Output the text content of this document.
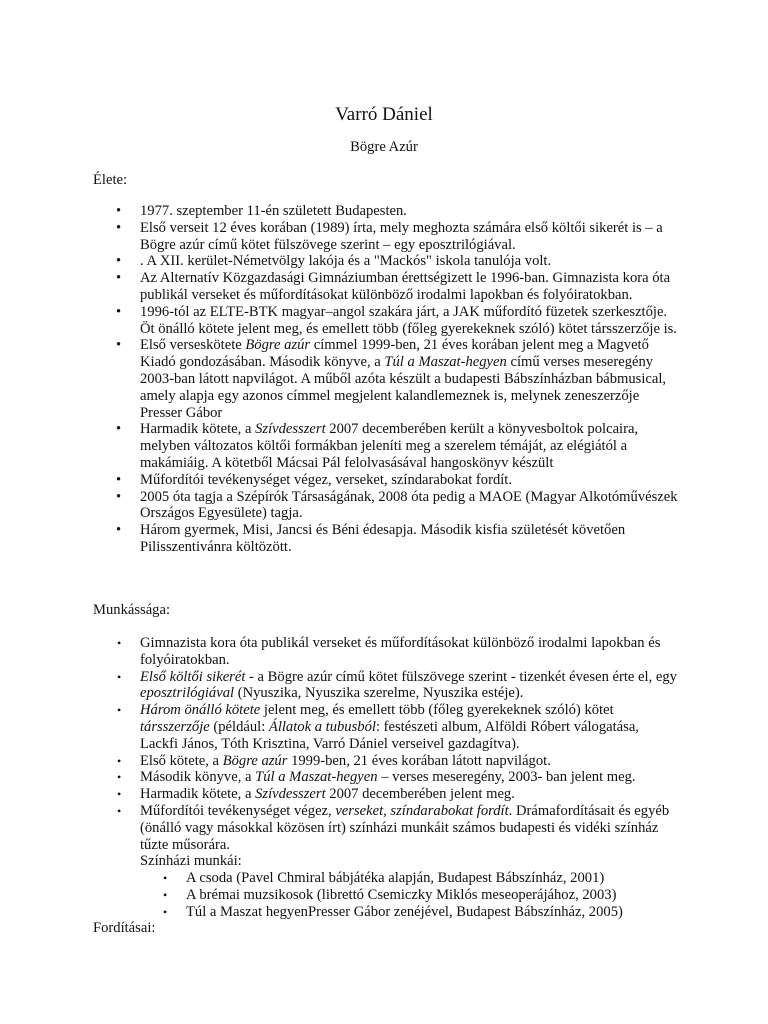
Varró Dániel
Bögre Azúr
Élete:
• 1977. szeptember 11-én született Budapesten.
• Első verseit 12 éves korában (1989) írta, mely meghozta számára első költői sikerét is – a Bögre azúr című kötet fülszövege szerint – egy eposztrilógiával.
• . A XII. kerület-Németvölgy lakója és a "Mackós" iskola tanulója volt.
• Az Alternatív Közgazdasági Gimnáziumban érettségizett le 1996-ban. Gimnazista kora óta publikál verseket és műfordításokat különböző irodalmi lapokban és folyóiratokban.
• 1996-tól az ELTE-BTK magyar–angol szakára járt, a JAK műfordító füzetek szerkesztője. Öt önálló kötete jelent meg, és emellett több (főleg gyerekeknek szóló) kötet társszerzője is.
• Első verseskötete Bögre azúr címmel 1999-ben, 21 éves korában jelent meg a Magvető Kiadó gondozásában. Második könyve, a Túl a Maszat-hegyen című verses meseregény 2003-ban látott napvilágot. A műből azóta készült a budapesti Bábszínházban bábmusical, amely alapja egy azonos címmel megjelent kalandlemeznek is, melynek zeneszerzője Presser Gábor
• Harmadik kötete, a Szívdesszert 2007 decemberében került a könyvesboltok polcaira, melyben változatos költői formákban jeleníti meg a szerelem témáját, az elégiától a makámiáig. A kötetből Mácsai Pál felolvasásával hangoskönyv készült
• Műfordítói tevékenységet végez, verseket, színdarabokat fordít.
• 2005 óta tagja a Szépírók Társaságának, 2008 óta pedig a MAOE (Magyar Alkotóművészek Országos Egyesülete) tagja.
• Három gyermek, Misi, Jancsi és Béni édesapja. Második kisfia születését követően Pilisszentivánra költözött.
Munkássága:
• Gimnazista kora óta publikál verseket és műfordításokat különböző irodalmi lapokban és folyóiratokban.
• Első költői sikerét - a Bögre azúr című kötet fülszövege szerint - tizenkét évesen érte el, egy eposztrilógiával (Nyuszika, Nyuszika szerelme, Nyuszika estéje).
• Három önálló kötete jelent meg, és emellett több (főleg gyerekeknek szóló) kötet társszerzője (például: Állatok a tubusból: festészeti album, Alföldi Róbert válogatása, Lackfi János, Tóth Krisztina, Varró Dániel verseivel gazdagítva).
• Első kötete, a Bögre azúr 1999-ben, 21 éves korában látott napvilágot.
• Második könyve, a Túl a Maszat-hegyen – verses meseregény, 2003- ban jelent meg.
• Harmadik kötete, a Szívdesszert 2007 decemberében jelent meg.
• Műfordítói tevékenységet végez, verseket, színdarabokat fordít. Drámafordításait és egyéb (önálló vagy másokkal közösen írt) színházi munkáit számos budapesti és vidéki színház tűzte műsorára.
Színházi munkái:
• A csoda (Pavel Chmiral bábjátéka alapján, Budapest Bábszínház, 2001)
• A brémai muzsikosok (librettó Csemiczky Miklós meseoperájához, 2003)
• Túl a Maszat hegyenPresser Gábor zenéjével, Budapest Bábszínház, 2005)
Fordításai:
